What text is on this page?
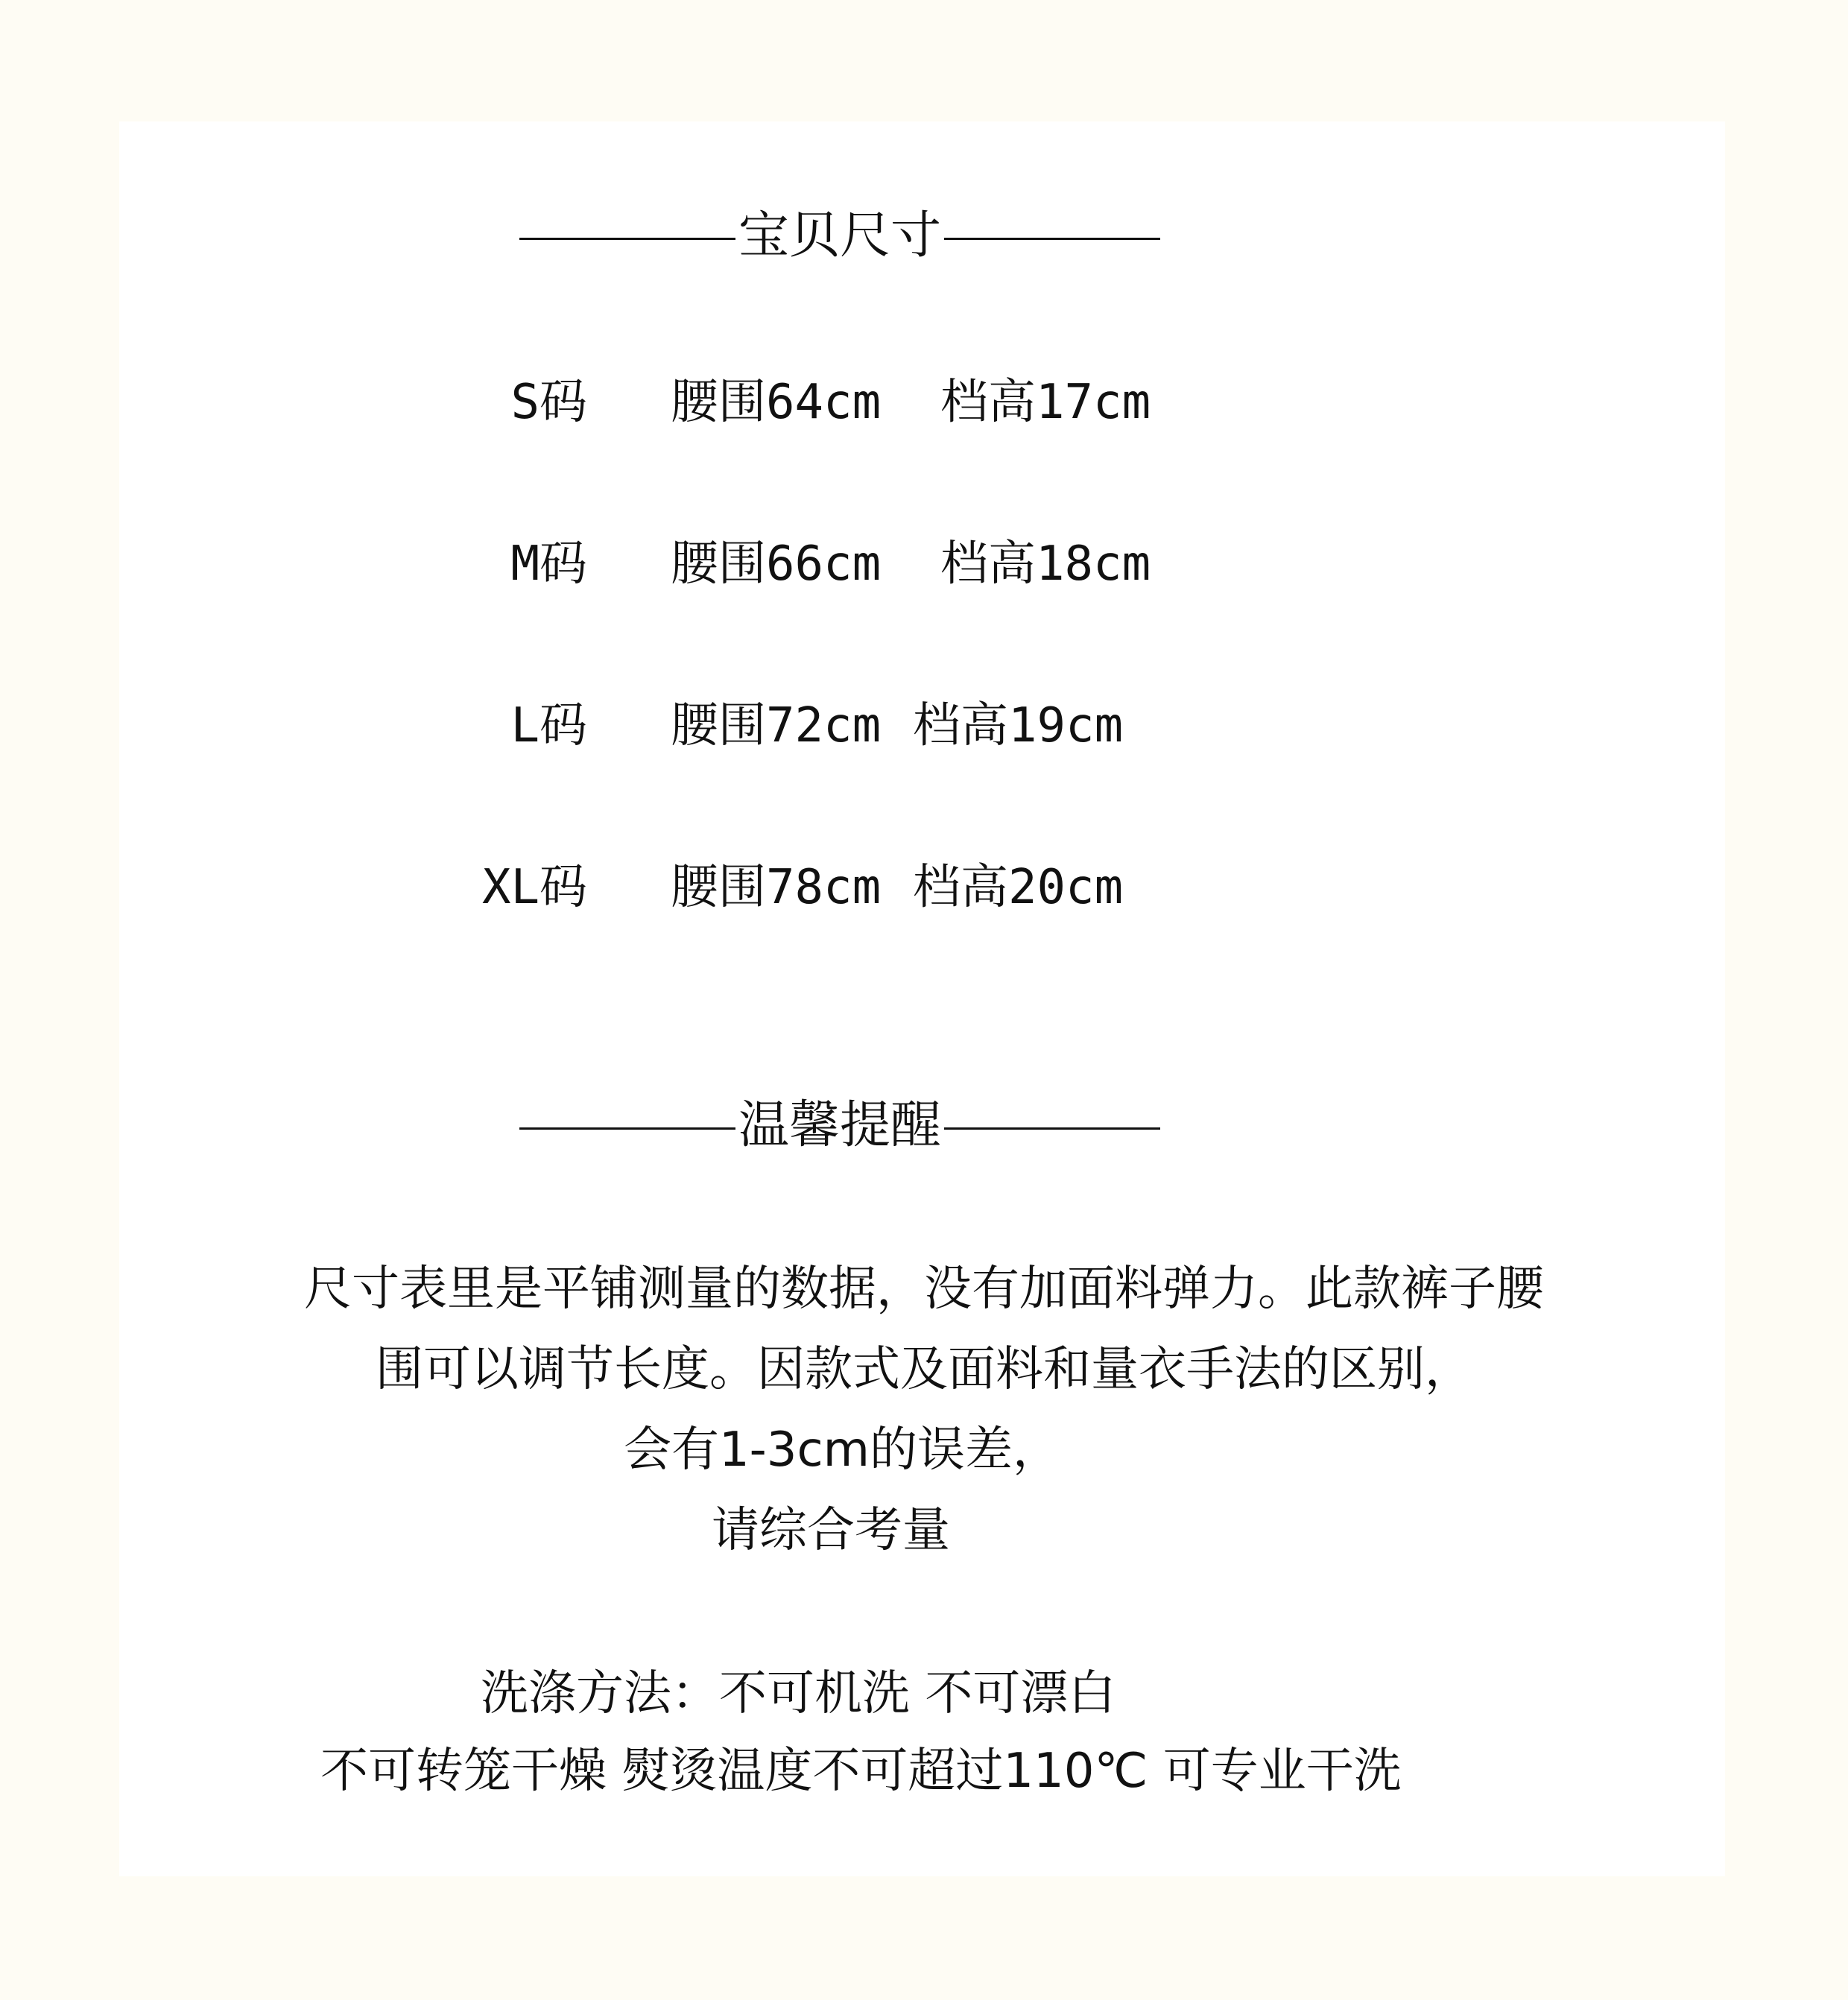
宝贝尺寸
S码 腰围64cm 档高17cm
M码 腰围66cm 档高18cm
L码 腰围72cm 档高19cm
XL码 腰围78cm 档高20cm
温馨提醒
尺寸表里是平铺测量的数据，没有加面料弹力。此款裤子腰
围可以调节长度。因款式及面料和量衣手法的区别，
会有1-3cm的误差，
请综合考量
洗涤方法：不可机洗 不可漂白
不可转笼干燥 熨烫温度不可超过110℃ 可专业干洗
